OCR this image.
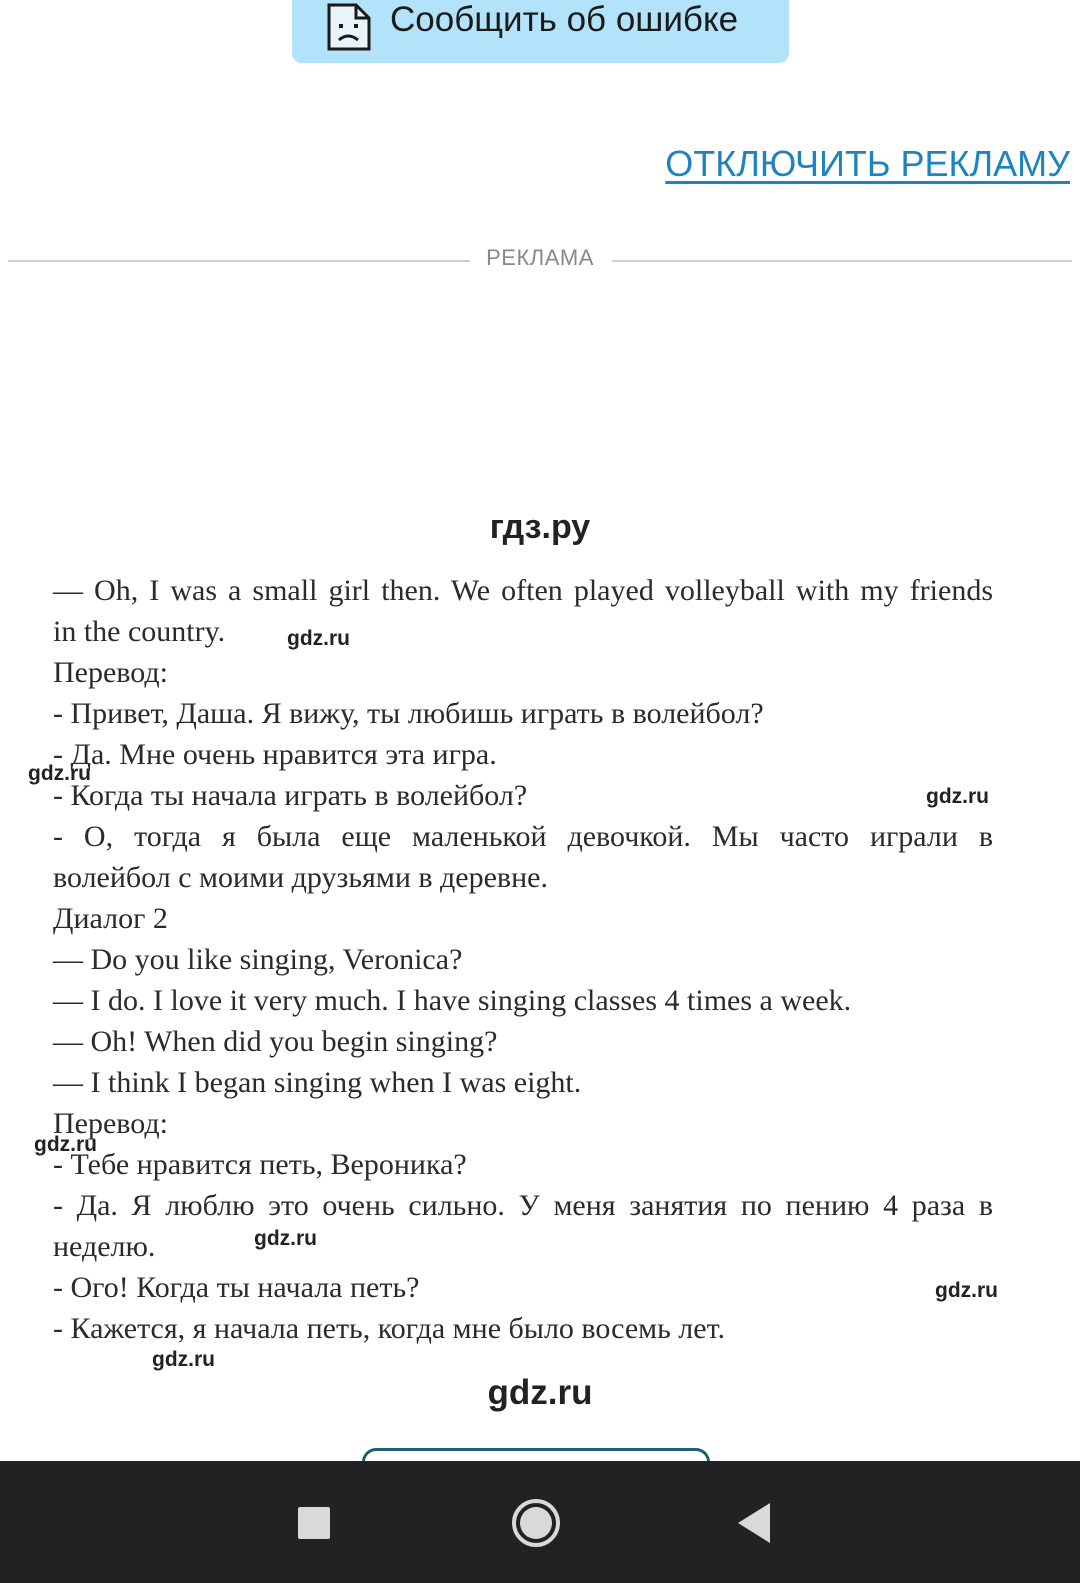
Сообщить об ошибке
ОТКЛЮЧИТЬ РЕКЛАМУ
РЕКЛАМА
гдз.ру
— Oh, I was a small girl then. We often played volleyball with my friends
in the country.
Перевод:
- Привет, Даша. Я вижу, ты любишь играть в волейбол?
- Да. Мне очень нравится эта игра.
- Когда ты начала играть в волейбол?
- О, тогда я была еще маленькой девочкой. Мы часто играли в
волейбол с моими друзьями в деревне.
Диалог 2
— Do you like singing, Veronica?
— I do. I love it very much. I have singing classes 4 times a week.
— Oh! When did you begin singing?
— I think I began singing when I was eight.
Перевод:
- Тебе нравится петь, Вероника?
- Да. Я люблю это очень сильно. У меня занятия по пению 4 раза в
неделю.
- Ого! Когда ты начала петь?
- Кажется, я начала петь, когда мне было восемь лет.
gdz.ru
gdz.ru
gdz.ru
gdz.ru
gdz.ru
gdz.ru
gdz.ru
gdz.ru
